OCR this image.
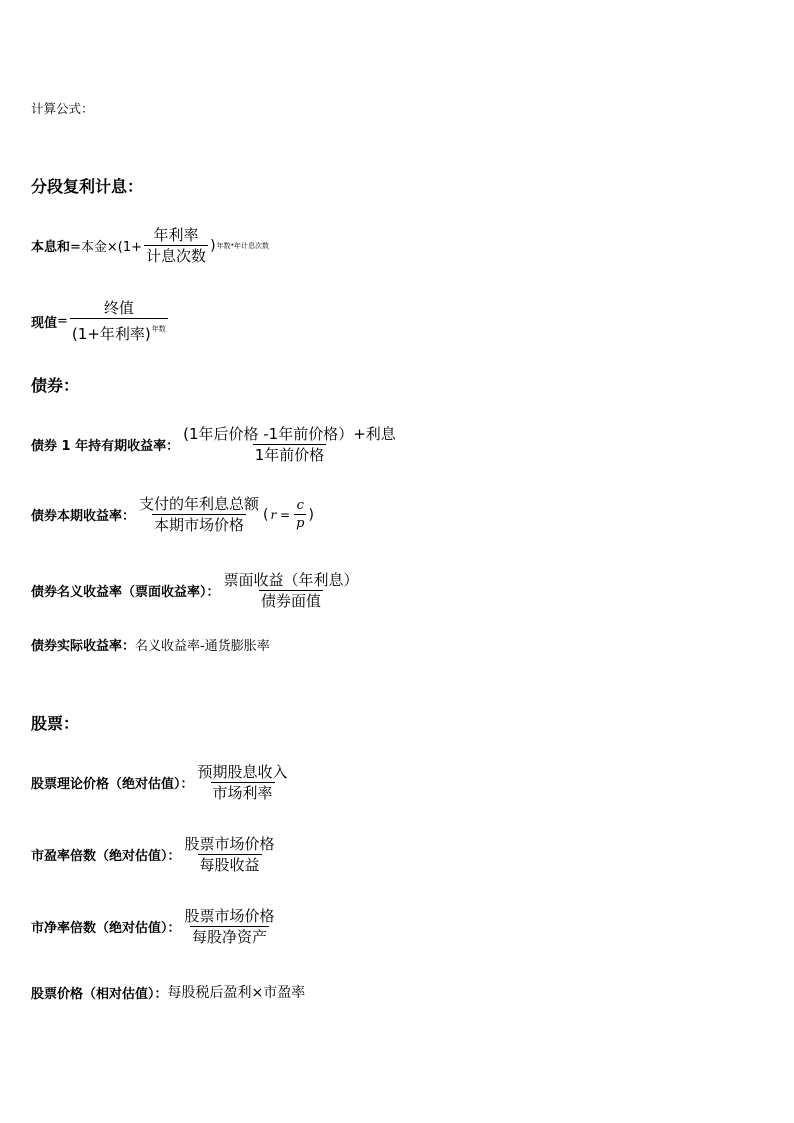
计算公式：
分段复利计息：
本息和 =本金$\times(1+ \frac{\text{年利率}}{\text{计息次数}}$ ) 年数*年计息次数
现值 = $\frac{\text{终值}}{(1+年利率)^{年数}}$
债券：
债券 1 年持有期收益率： $\frac{\text{(1年后价格 -1年前价格）+利息}}{\text{1年前价格}}$
债券本期收益率： $\frac{\text{支付的年利息总额}}{\text{本期市场价格}}$ ( $r = \frac{c}{p}$ )
债券名义收益率（票面收益率）： $\frac{\text{票面收益（年利息）}}{\text{债券面值}}$
债券实际收益率： 名义收益率-通货膨胀率
股票：
股票理论价格（绝对估值）： $\frac{\text{预期股息收入}}{\text{市场利率}}$
市盈率倍数（绝对估值）： $\frac{\text{股票市场价格}}{\text{每股收益}}$
市净率倍数（绝对估值）： $\frac{\text{股票市场价格}}{\text{每股净资产}}$
股票价格（相对估值）： 每股税后盈利×市盈率
